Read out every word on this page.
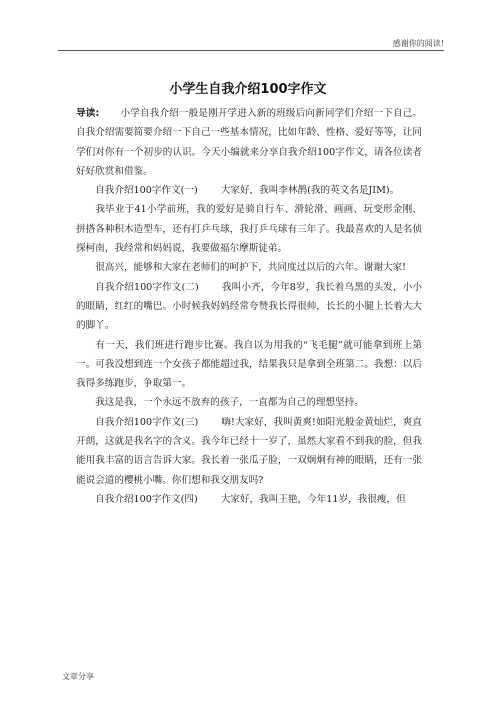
感谢你的阅读!
小学生自我介绍100字作文

导读: 小学自我介绍一般是刚开学进入新的班级后向新同学们介绍一下自己。自我介绍需要简要介绍一下自己一些基本情况，比如年龄、性格、爱好等等，让同学们对你有一个初步的认识。今天小编就来分享自我介绍100字作文，请各位读者好好欣赏和借鉴。

自我介绍100字作文(一) 大家好，我叫李林鹊(我的英文名是JIM)。

我毕业于41小学前班，我的爱好是骑自行车、滑轮滑、画画、玩变形金刚、拼搭各种积木造型车，还有打乒乓球，我打乒乓球有三年了。我最喜欢的人是名侦探柯南，我经常和妈妈说，我要做福尔摩斯徒弟。

很高兴，能够和大家在老师们的呵护下，共同度过以后的六年。谢谢大家!

自我介绍100字作文(二) 我叫小齐，今年8岁，我长着乌黑的头发，小小的眼睛，红红的嘴巴。小时候我妈妈经常夸赞我长得很帅，长长的小腿上长着大大的脚丫。

有一天，我们班进行跑步比赛。我自以为用我的“飞毛腿”就可能拿到班上第一。可我没想到连一个女孩子都能超过我，结果我只是拿到全班第二。我想：以后我得多练跑步，争取第一。

我这是我，一个永远不放弃的孩子，一直都为自己的理想坚持。

自我介绍100字作文(三) 嗨!大家好，我叫黄爽!如阳光般金黄灿烂，爽直开朗，这就是我名字的含义。我今年已经十一岁了，虽然大家看不到我的脸，但我能用我丰富的语言告诉大家。我长着一张瓜子脸，一双炯炯有神的眼睛，还有一张能说会道的樱桃小嘴。你们想和我交朋友吗?

自我介绍100字作文(四) 大家好，我叫王艳，今年11岁，我很瘦，但

文章分享
